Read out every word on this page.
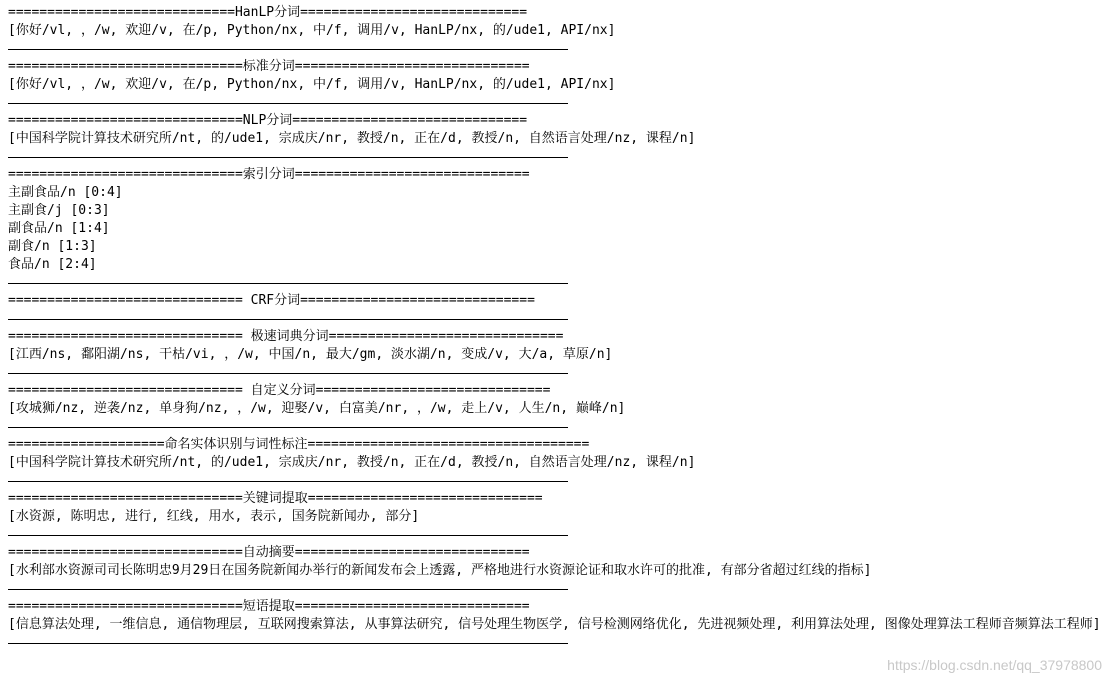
=============================HanLP分词=============================
[你好/vl, ，/w, 欢迎/v, 在/p, Python/nx, 中/f, 调用/v, HanLP/nx, 的/ude1, API/nx]
==============================标准分词==============================
[你好/vl, ，/w, 欢迎/v, 在/p, Python/nx, 中/f, 调用/v, HanLP/nx, 的/ude1, API/nx]
==============================NLP分词==============================
[中国科学院计算技术研究所/nt, 的/ude1, 宗成庆/nr, 教授/n, 正在/d, 教授/n, 自然语言处理/nz, 课程/n]
==============================索引分词==============================
主副食品/n [0:4]
主副食/j [0:3]
副食品/n [1:4]
副食/n [1:3]
食品/n [2:4]
============================== CRF分词==============================
============================== 极速词典分词==============================
[江西/ns, 鄱阳湖/ns, 干枯/vi, ，/w, 中国/n, 最大/gm, 淡水湖/n, 变成/v, 大/a, 草原/n]
============================== 自定义分词==============================
[攻城狮/nz, 逆袭/nz, 单身狗/nz, ，/w, 迎娶/v, 白富美/nr, ，/w, 走上/v, 人生/n, 巅峰/n]
====================命名实体识别与词性标注====================================
[中国科学院计算技术研究所/nt, 的/ude1, 宗成庆/nr, 教授/n, 正在/d, 教授/n, 自然语言处理/nz, 课程/n]
==============================关键词提取==============================
[水资源, 陈明忠, 进行, 红线, 用水, 表示, 国务院新闻办, 部分]
==============================自动摘要==============================
[水利部水资源司司长陈明忠9月29日在国务院新闻办举行的新闻发布会上透露, 严格地进行水资源论证和取水许可的批准, 有部分省超过红线的指标]
==============================短语提取==============================
[信息算法处理, 一维信息, 通信物理层, 互联网搜索算法, 从事算法研究, 信号处理生物医学, 信号检测网络优化, 先进视频处理, 利用算法处理, 图像处理算法工程师音频算法工程师]
https://blog.csdn.net/qq_37978800
